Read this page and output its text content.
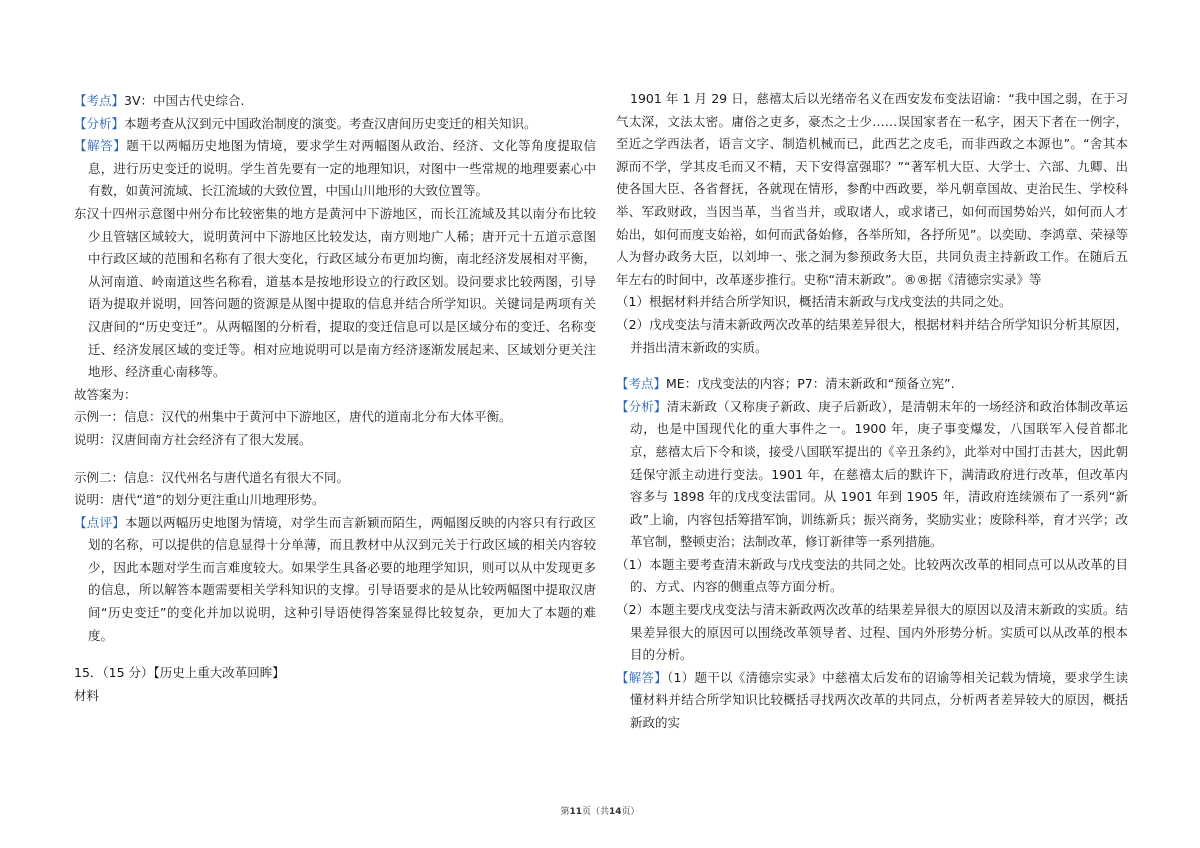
【考点】3V：中国古代史综合.

【分析】本题考查从汉到元中国政治制度的演变。考查汉唐间历史变迁的相关知识。

【解答】题干以两幅历史地图为情境，要求学生对两幅图从政治、经济、文化等角度提取信息，进行历史变迁的说明。学生首先要有一定的地理知识，对图中一些常规的地理要素心中有数，如黄河流域、长江流域的大致位置，中国山川地形的大致位置等。

东汉十四州示意图中州分布比较密集的地方是黄河中下游地区，而长江流域及其以南分布比较少且管辖区域较大，说明黄河中下游地区比较发达，南方则地广人稀；唐开元十五道示意图中行政区域的范围和名称有了很大变化，行政区域分布更加均衡，南北经济发展相对平衡，从河南道、岭南道这些名称看，道基本是按地形设立的行政区划。设问要求比较两图，引导语为提取并说明，回答问题的资源是从图中提取的信息并结合所学知识。关键词是两项有关汉唐间的“历史变迁”。从两幅图的分析看，提取的变迁信息可以是区域分布的变迁、名称变迁、经济发展区域的变迁等。相对应地说明可以是南方经济逐渐发展起来、区域划分更关注地形、经济重心南移等。

故答案为：

示例一：信息：汉代的州集中于黄河中下游地区，唐代的道南北分布大体平衡。

说明：汉唐间南方社会经济有了很大发展。

示例二：信息：汉代州名与唐代道名有很大不同。

说明：唐代“道”的划分更注重山川地理形势。

【点评】本题以两幅历史地图为情境，对学生而言新颖而陌生，两幅图反映的内容只有行政区划的名称，可以提供的信息显得十分单薄，而且教材中从汉到元关于行政区域的相关内容较少，因此本题对学生而言难度较大。如果学生具备必要的地理学知识，则可以从中发现更多的信息，所以解答本题需要相关学科知识的支撑。引导语要求的是从比较两幅图中提取汉唐间“历史变迁”的变化并加以说明，这种引导语使得答案显得比较复杂，更加大了本题的难度。

15．（15 分）【历史上重大改革回眸】

材料

1901 年 1 月 29 日，慈禧太后以光绪帝名义在西安发布变法诏谕：“我中国之弱，在于习气太深，文法太密。庸俗之吏多，豪杰之士少……误国家者在一私字，困天下者在一例字，至近之学西法者，语言文字、制造机械而已，此西艺之皮毛，而非西政之本源也”。“舍其本源而不学，学其皮毛而又不精，天下安得富强耶？”“著军机大臣、大学士、六部、九卿、出使各国大臣、各省督抚，各就现在情形，参酌中西政要，举凡朝章国故、吏治民生、学校科举、军政财政，当因当革，当省当并，或取诸人，或求诸己，如何而国势始兴，如何而人才始出，如何而度支始裕，如何而武备始修，各举所知，各抒所见”。以奕劻、李鸿章、荣禄等人为督办政务大臣，以刘坤一、张之洞为参预政务大臣，共同负责主持新政工作。在随后五年左右的时间中，改革逐步推行。史称“清末新政”。®®据《清德宗实录》等

（1）根据材料并结合所学知识，概括清末新政与戊戌变法的共同之处。

（2）戊戌变法与清末新政两次改革的结果差异很大，根据材料并结合所学知识分析其原因，并指出清末新政的实质。

【考点】ME：戊戌变法的内容；P7：清末新政和“预备立宪”.

【分析】清末新政（又称庚子新政、庚子后新政），是清朝末年的一场经济和政治体制改革运动，也是中国现代化的重大事件之一。1900 年，庚子事变爆发，八国联军入侵首都北京，慈禧太后下令和谈，接受八国联军提出的《辛丑条约》，此举对中国打击甚大，因此朝廷保守派主动进行变法。1901 年，在慈禧太后的默许下，满清政府进行改革，但改革内容多与 1898 年的戊戌变法雷同。从 1901 年到 1905 年，清政府连续颁布了一系列“新政”上谕，内容包括筹措军饷，训练新兵；振兴商务，奖励实业；废除科举，育才兴学；改革官制，整顿吏治；法制改革，修订新律等一系列措施。

（1）本题主要考查清末新政与戊戌变法的共同之处。比较两次改革的相同点可以从改革的目的、方式、内容的侧重点等方面分析。

（2）本题主要戊戌变法与清末新政两次改革的结果差异很大的原因以及清末新政的实质。结果差异很大的原因可以围绕改革领导者、过程、国内外形势分析。实质可以从改革的根本目的分析。

【解答】（1）题干以《清德宗实录》中慈禧太后发布的诏谕等相关记载为情境，要求学生读懂材料并结合所学知识比较概括寻找两次改革的共同点，分析两者差异较大的原因，概括新政的实

第11页（共14页）
